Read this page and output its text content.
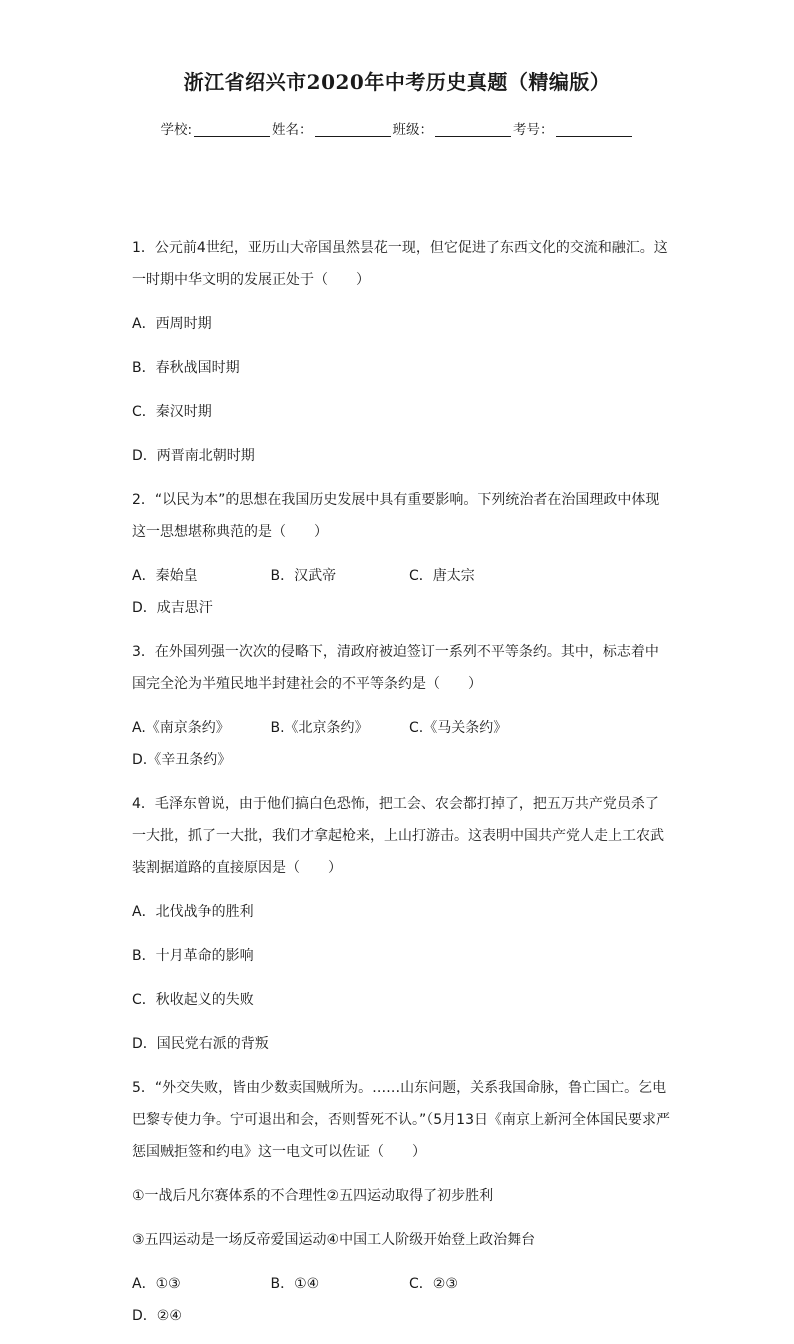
浙江省绍兴市2020年中考历史真题（精编版）
学校:	姓名：	班级：	考号：

1．公元前4世纪，亚历山大帝国虽然昙花一现，但它促进了东西文化的交流和融汇。这一时期中华文明的发展正处于（　　）

A．西周时期
B．春秋战国时期
C．秦汉时期
D．两晋南北朝时期

2．“以民为本”的思想在我国历史发展中具有重要影响。下列统治者在治国理政中体现这一思想堪称典范的是（　　）

A．秦始皇	B．汉武帝	C．唐太宗
D．成吉思汗

3．在外国列强一次次的侵略下，清政府被迫签订一系列不平等条约。其中，标志着中国完全沦为半殖民地半封建社会的不平等条约是（　　）

A.《南京条约》	B.《北京条约》	C.《马关条约》
D.《辛丑条约》

4．毛泽东曾说，由于他们搞白色恐怖，把工会、农会都打掉了，把五万共产党员杀了一大批，抓了一大批，我们才拿起枪来，上山打游击。这表明中国共产党人走上工农武装割据道路的直接原因是（　　）

A．北伐战争的胜利
B．十月革命的影响
C．秋收起义的失败
D．国民党右派的背叛

5．“外交失败，皆由少数卖国贼所为。……山东问题，关系我国命脉，鲁亡国亡。乞电巴黎专使力争。宁可退出和会，否则誓死不认。”（5月13日《南京上新河全体国民要求严惩国贼拒签和约电》这一电文可以佐证（　　）

①一战后凡尔赛体系的不合理性②五四运动取得了初步胜利

③五四运动是一场反帝爱国运动④中国工人阶级开始登上政治舞台

A．①③	B．①④	C．②③
D．②④
